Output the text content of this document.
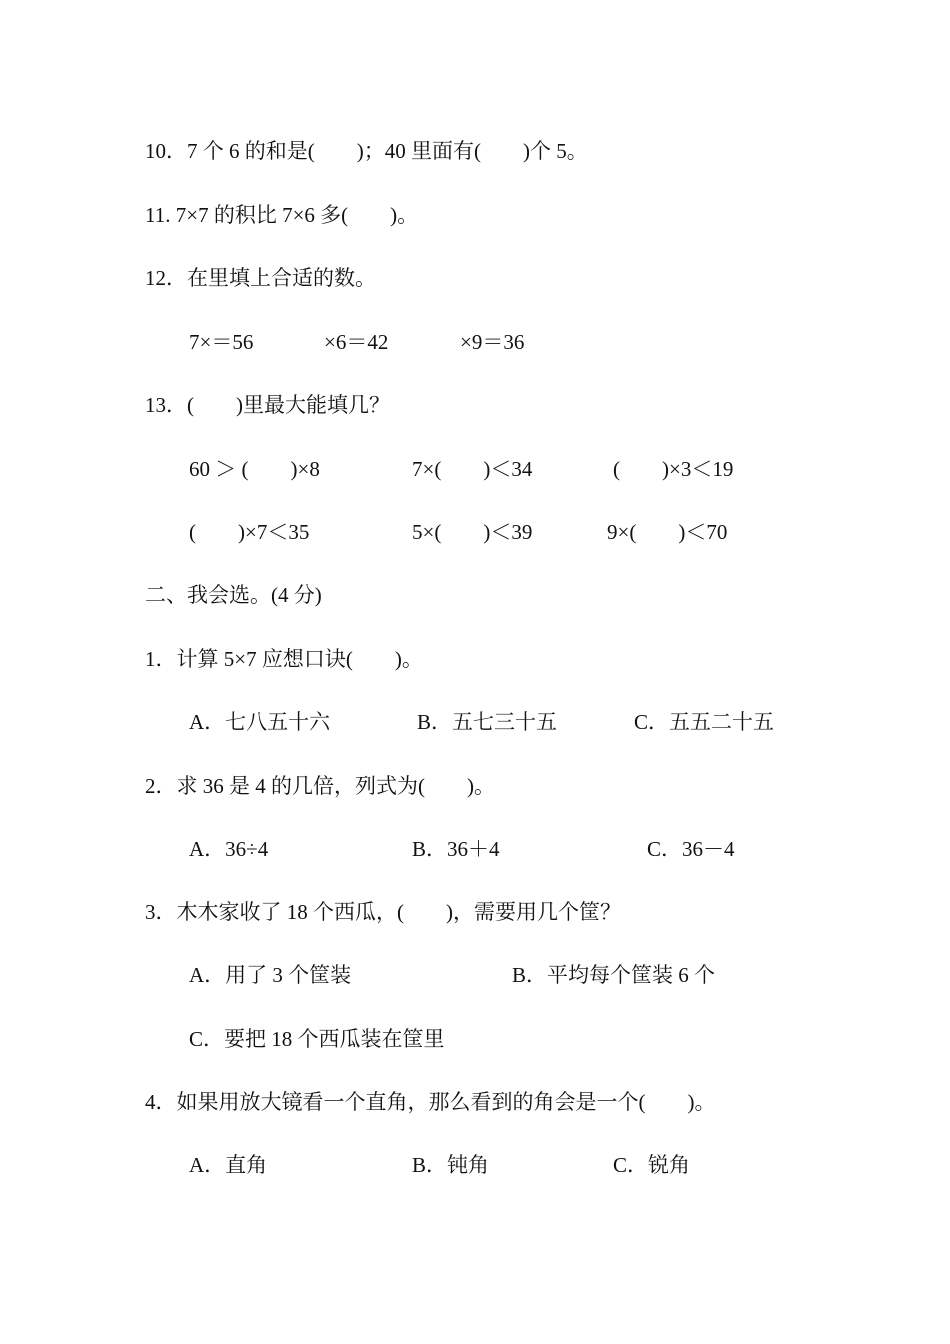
10．7 个 6 的和是(　　)；40 里面有(　　)个 5。
11. 7×7 的积比 7×6 多(　　)。
12．在里填上合适的数。
7×＝56	×6＝42	×9＝36
13．(　　)里最大能填几？
60 ＞ (　　)×8	7×(　　)＜34	(　　)×3＜19
(　　)×7＜35	5×(　　)＜39	9×(　　)＜70
二、我会选。(4 分)
1．计算 5×7 应想口诀(　　)。
A．七八五十六	B．五七三十五	C．五五二十五
2．求 36 是 4 的几倍，列式为(　　)。
A．36÷4	B．36＋4	C．36－4
3．木木家收了 18 个西瓜，(　　)，需要用几个筐？
A．用了 3 个筐装	B．平均每个筐装 6 个
C．要把 18 个西瓜装在筐里
4．如果用放大镜看一个直角，那么看到的角会是一个(　　)。
A．直角	B．钝角	C．锐角
